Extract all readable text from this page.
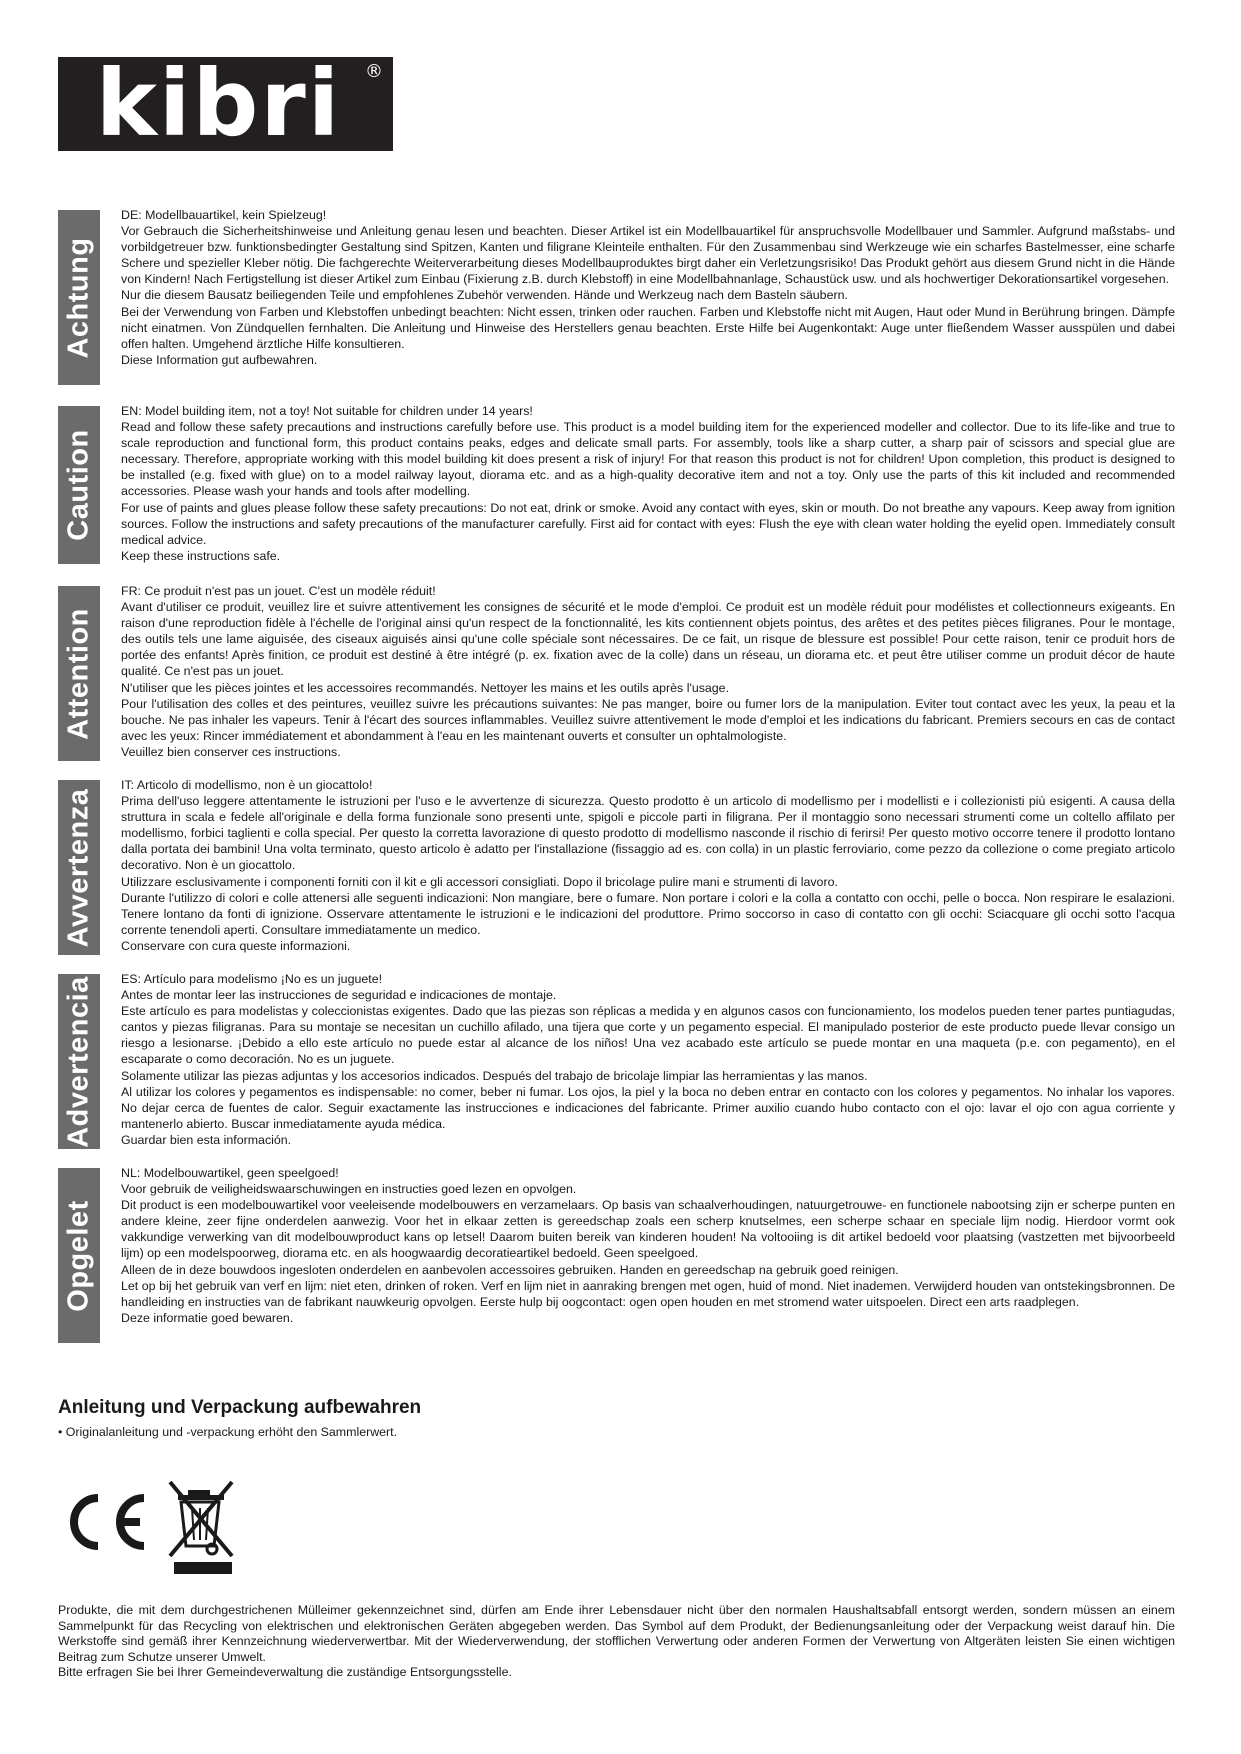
kibri ®
Achtung

DE: Modellbauartikel, kein Spielzeug!

Vor Gebrauch die Sicherheitshinweise und Anleitung genau lesen und beachten. Dieser Artikel ist ein Modellbauartikel für anspruchsvolle Modellbauer und Sammler. Aufgrund maßstabs- und vorbildgetreuer bzw. funktionsbedingter Gestaltung sind Spitzen, Kanten und filigrane Kleinteile enthalten. Für den Zusammenbau sind Werkzeuge wie ein scharfes Bastelmesser, eine scharfe Schere und spezieller Kleber nötig. Die fachgerechte Weiterverarbeitung dieses Modellbauproduktes birgt daher ein Verletzungsrisiko! Das Produkt gehört aus diesem Grund nicht in die Hände von Kindern! Nach Fertigstellung ist dieser Artikel zum Einbau (Fixierung z.B. durch Klebstoff) in eine Modellbahnanlage, Schaustück usw. und als hochwertiger Dekorationsartikel vorgesehen.

Nur die diesem Bausatz beiliegenden Teile und empfohlenes Zubehör verwenden. Hände und Werkzeug nach dem Basteln säubern.

Bei der Verwendung von Farben und Klebstoffen unbedingt beachten: Nicht essen, trinken oder rauchen. Farben und Klebstoffe nicht mit Augen, Haut oder Mund in Berührung bringen. Dämpfe nicht einatmen. Von Zündquellen fernhalten. Die Anleitung und Hinweise des Herstellers genau beachten. Erste Hilfe bei Augenkontakt: Auge unter fließendem Wasser ausspülen und dabei offen halten. Umgehend ärztliche Hilfe konsultieren.

Diese Information gut aufbewahren.

Caution

EN: Model building item, not a toy! Not suitable for children under 14 years!

Read and follow these safety precautions and instructions carefully before use. This product is a model building item for the experienced modeller and collector. Due to its life-like and true to scale reproduction and functional form, this product contains peaks, edges and delicate small parts. For assembly, tools like a sharp cutter, a sharp pair of scissors and special glue are necessary. Therefore, appropriate working with this model building kit does present a risk of injury! For that reason this product is not for children! Upon completion, this product is designed to be installed (e.g. fixed with glue) on to a model railway layout, diorama etc. and as a high-quality decorative item and not a toy. Only use the parts of this kit included and recommended accessories. Please wash your hands and tools after modelling.

For use of paints and glues please follow these safety precautions: Do not eat, drink or smoke. Avoid any contact with eyes, skin or mouth. Do not breathe any vapours. Keep away from ignition sources. Follow the instructions and safety precautions of the manufacturer carefully. First aid for contact with eyes: Flush the eye with clean water holding the eyelid open. Immediately consult medical advice.

Keep these instructions safe.

Attention

FR: Ce produit n'est pas un jouet. C'est un modèle réduit!

Avant d'utiliser ce produit, veuillez lire et suivre attentivement les consignes de sécurité et le mode d'emploi. Ce produit est un modèle réduit pour modélistes et collectionneurs exigeants. En raison d'une reproduction fidèle à l'échelle de l'original ainsi qu'un respect de la fonctionnalité, les kits contiennent objets pointus, des arêtes et des petites pièces filigranes. Pour le montage, des outils tels une lame aiguisée, des ciseaux aiguisés ainsi qu'une colle spéciale sont nécessaires. De ce fait, un risque de blessure est possible! Pour cette raison, tenir ce produit hors de portée des enfants! Après finition, ce produit est destiné à être intégré (p. ex. fixation avec de la colle) dans un réseau, un diorama etc. et peut être utiliser comme un produit décor de haute qualité. Ce n'est pas un jouet.

N'utiliser que les pièces jointes et les accessoires recommandés. Nettoyer les mains et les outils après l'usage.

Pour l'utilisation des colles et des peintures, veuillez suivre les précautions suivantes: Ne pas manger, boire ou fumer lors de la manipulation. Eviter tout contact avec les yeux, la peau et la bouche. Ne pas inhaler les vapeurs. Tenir à l'écart des sources inflammables. Veuillez suivre attentivement le mode d'emploi et les indications du fabricant. Premiers secours en cas de contact avec les yeux: Rincer immédiatement et abondamment à l'eau en les maintenant ouverts et consulter un ophtalmologiste.

Veuillez bien conserver ces instructions.

Avvertenza

IT: Articolo di modellismo, non è un giocattolo!

Prima dell'uso leggere attentamente le istruzioni per l'uso e le avvertenze di sicurezza. Questo prodotto è un articolo di modellismo per i modellisti e i collezionisti più esigenti. A causa della struttura in scala e fedele all'originale e della forma funzionale sono presenti unte, spigoli e piccole parti in filigrana. Per il montaggio sono necessari strumenti come un coltello affilato per modellismo, forbici taglienti e colla special. Per questo la corretta lavorazione di questo prodotto di modellismo nasconde il rischio di ferirsi! Per questo motivo occorre tenere il prodotto lontano dalla portata dei bambini! Una volta terminato, questo articolo è adatto per l'installazione (fissaggio ad es. con colla) in un plastic ferroviario, come pezzo da collezione o come pregiato articolo decorativo. Non è un giocattolo.

Utilizzare esclusivamente i componenti forniti con il kit e gli accessori consigliati. Dopo il bricolage pulire mani e strumenti di lavoro.

Durante l'utilizzo di colori e colle attenersi alle seguenti indicazioni: Non mangiare, bere o fumare. Non portare i colori e la colla a contatto con occhi, pelle o bocca. Non respirare le esalazioni. Tenere lontano da fonti di ignizione. Osservare attentamente le istruzioni e le indicazioni del produttore. Primo soccorso in caso di contatto con gli occhi: Sciacquare gli occhi sotto l'acqua corrente tenendoli aperti. Consultare immediatamente un medico.

Conservare con cura queste informazioni.

Advertencia ES: Artículo para modelismo ¡No es un juguete!

Antes de montar leer las instrucciones de seguridad e indicaciones de montaje.

Este artículo es para modelistas y coleccionistas exigentes. Dado que las piezas son réplicas a medida y en algunos casos con funcionamiento, los modelos pueden tener partes puntiagudas, cantos y piezas filigranas. Para su montaje se necesitan un cuchillo afilado, una tijera que corte y un pegamento especial. El manipulado posterior de este producto puede llevar consigo un riesgo a lesionarse. ¡Debido a ello este artículo no puede estar al alcance de los niños! Una vez acabado este artículo se puede montar en una maqueta (p.e. con pegamento), en el escaparate o como decoración. No es un juguete.

Solamente utilizar las piezas adjuntas y los accesorios indicados. Después del trabajo de bricolaje limpiar las herramientas y las manos.

Al utilizar los colores y pegamentos es indispensable: no comer, beber ni fumar. Los ojos, la piel y la boca no deben entrar en contacto con los colores y pegamentos. No inhalar los vapores. No dejar cerca de fuentes de calor. Seguir exactamente las instrucciones e indicaciones del fabricante. Primer auxilio cuando hubo contacto con el ojo: lavar el ojo con agua corriente y mantenerlo abierto. Buscar inmediatamente ayuda médica.

Guardar bien esta información.

Opgelet

NL: Modelbouwartikel, geen speelgoed!

Voor gebruik de veiligheidswaarschuwingen en instructies goed lezen en opvolgen.

Dit product is een modelbouwartikel voor veeleisende modelbouwers en verzamelaars. Op basis van schaalverhoudingen, natuurgetrouwe- en functionele nabootsing zijn er scherpe punten en andere kleine, zeer fijne onderdelen aanwezig. Voor het in elkaar zetten is gereedschap zoals een scherp knutselmes, een scherpe schaar en speciale lijm nodig. Hierdoor vormt ook vakkundige verwerking van dit modelbouwproduct kans op letsel! Daarom buiten bereik van kinderen houden! Na voltooiing is dit artikel bedoeld voor plaatsing (vastzetten met bijvoorbeeld lijm) op een modelspoorweg, diorama etc. en als hoogwaardig decoratieartikel bedoeld. Geen speelgoed.

Alleen de in deze bouwdoos ingesloten onderdelen en aanbevolen accessoires gebruiken. Handen en gereedschap na gebruik goed reinigen.

Let op bij het gebruik van verf en lijm: niet eten, drinken of roken. Verf en lijm niet in aanraking brengen met ogen, huid of mond. Niet inademen. Verwijderd houden van ontstekingsbronnen. De handleiding en instructies van de fabrikant nauwkeurig opvolgen. Eerste hulp bij oogcontact: ogen open houden en met stromend water uitspoelen. Direct een arts raadplegen.

Deze informatie goed bewaren.

Anleitung und Verpackung aufbewahren

• Originalanleitung und -verpackung erhöht den Sammlerwert.

Produkte, die mit dem durchgestrichenen Mülleimer gekennzeichnet sind, dürfen am Ende ihrer Lebensdauer nicht über den normalen Haushaltsabfall entsorgt werden, sondern müssen an einem Sammelpunkt für das Recycling von elektrischen und elektronischen Geräten abgegeben werden. Das Symbol auf dem Produkt, der Bedienungsanleitung oder der Verpackung weist darauf hin. Die Werkstoffe sind gemäß ihrer Kennzeichnung wiederverwertbar. Mit der Wiederverwendung, der stofflichen Verwertung oder anderen Formen der Verwertung von Altgeräten leisten Sie einen wichtigen Beitrag zum Schutze unserer Umwelt.

Bitte erfragen Sie bei Ihrer Gemeindeverwaltung die zuständige Entsorgungsstelle.
